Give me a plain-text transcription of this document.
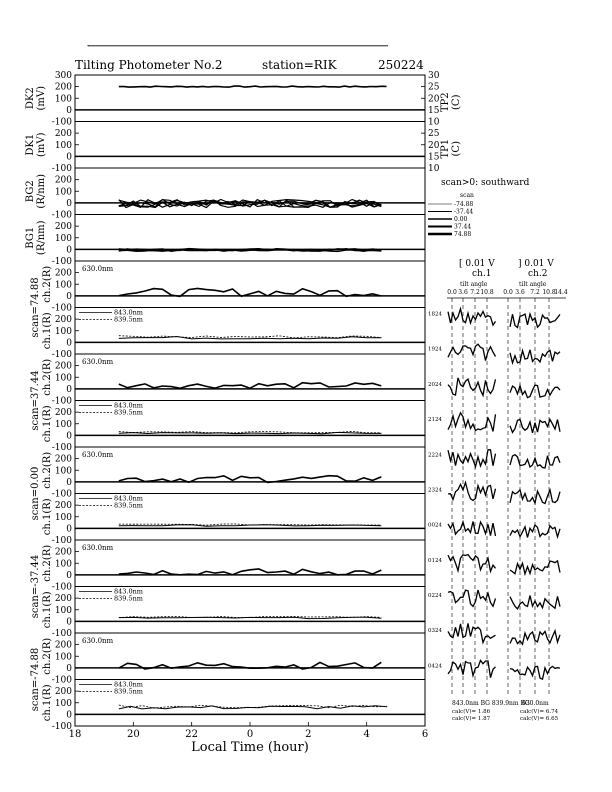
Tilting Photometer No.2	station=RIK	250224
300
200
100
0
-100
200
100
0
-100
200
100
0
-100
200
100
0
-100
200
100
0
-100
200
100
0
-100
200
100
0
-100
200
100
0
-100
200
100
0
-100
200
100
0
-100
200
100
0
-100
200
100
0
-100
200
100
0
-100
200
100
0
-100
30
25
20
15
10
25
20
15
10
DK2 (mV)
DK1 (mV)
BG2 (R/nm)
BG1 (R/nm)
TP2 (C)
TP1 (C)
scan=74.88 ch.2(R)
ch.1(R)
630.0nm
843.0nm
839.5nm
scan=37.44 ch.2(R)
ch.1(R)
630.0nm
843.0nm
839.5nm
scan=0.00 ch.2(R)
ch.1(R)
630.0nm
843.0nm
839.5nm
scan=-37.44 ch.2(R)
ch.1(R)
630.0nm
843.0nm
839.5nm
scan=-74.88 ch.2(R)
ch.1(R)
630.0nm
843.0nm
839.5nm
18	20	22	0	2	4	6
Local Time (hour)
scan>0: southward
scan
-74.88
-37.44
0.00
37.44
74.88
[ 0.01 V
ch.1
] 0.01 V
ch.2
tilt angle	tilt angle
0.0 3.6 7.2 10.8 0.0 3.6 7.2 10.8
14.4
1824
1924
2024
2124
2224
2324
0024
0124
0224
0324
0424
843.0nm BG 839.9nm BG
630.0nm
calc(V)= 1.86
calc(V)= 1.87
calc(V)= 6.74
calc(V)= 6.65
